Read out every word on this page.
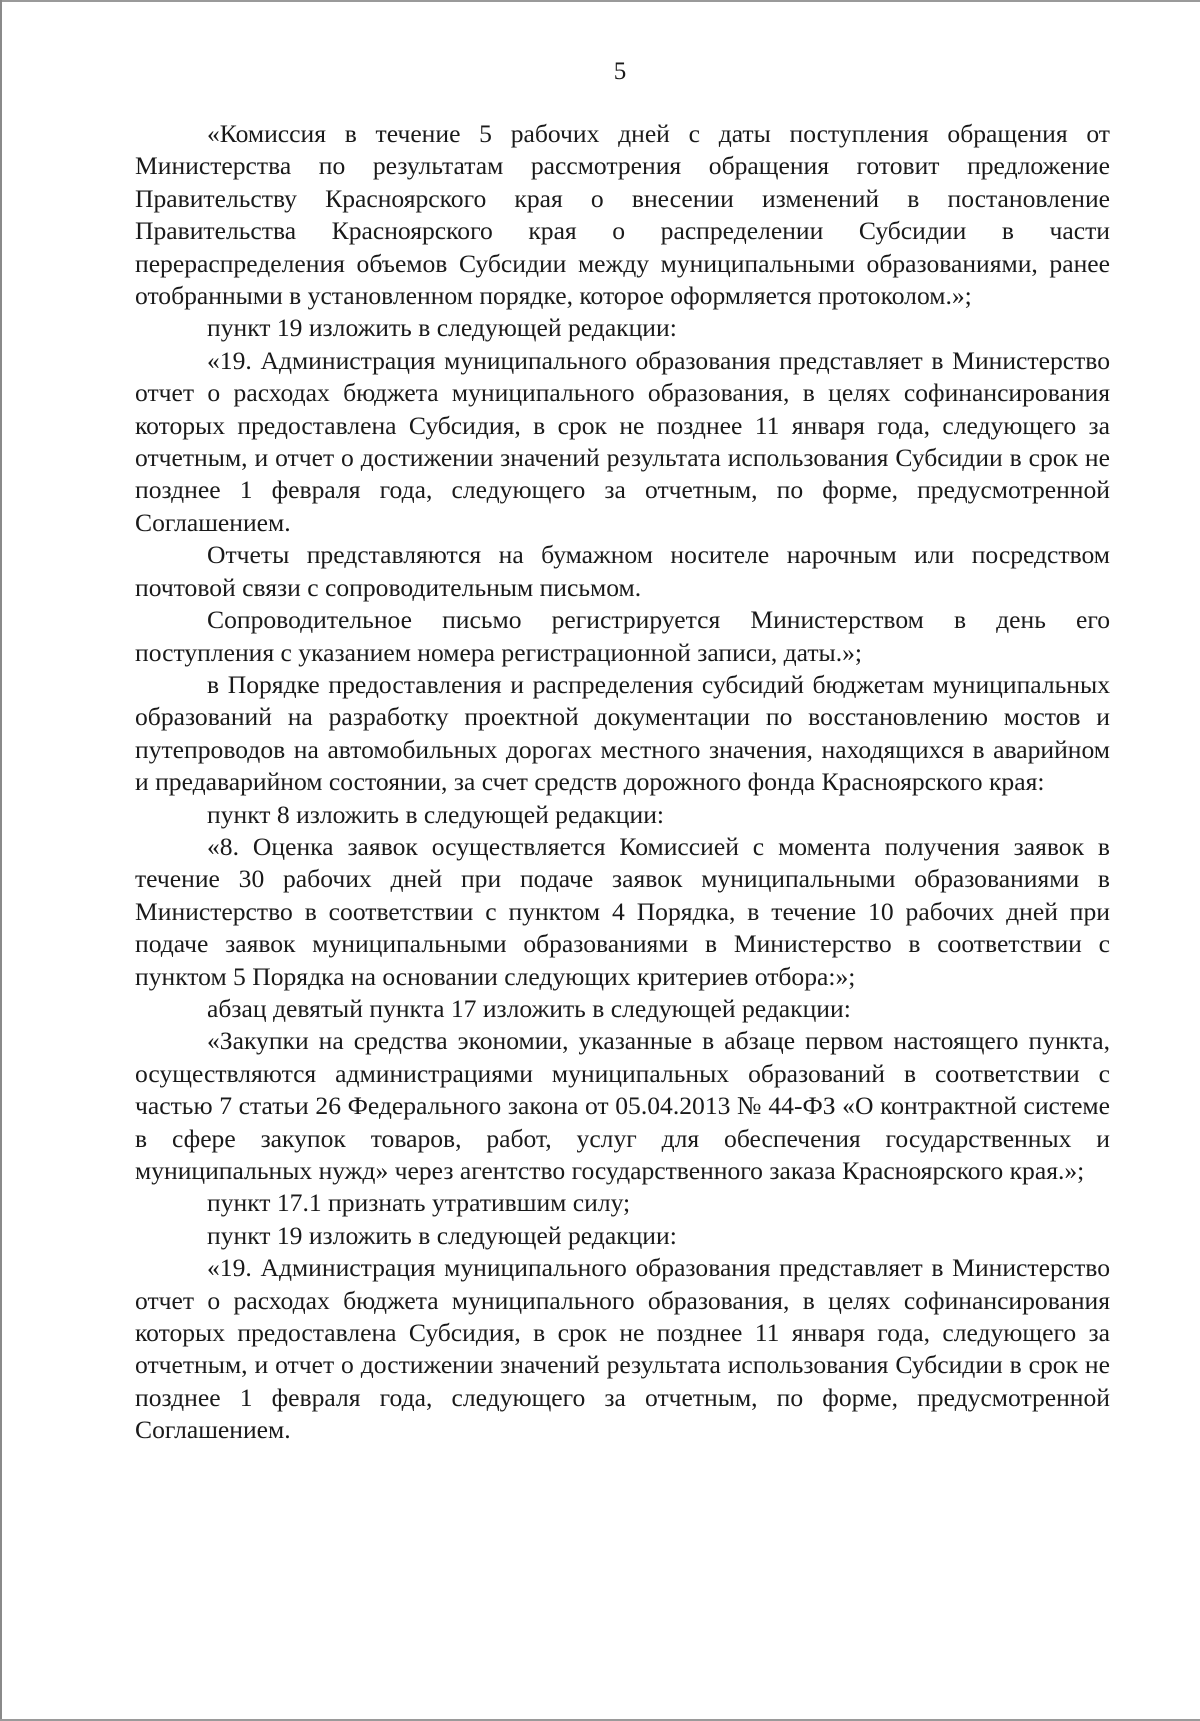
5

«Комиссия в течение 5 рабочих дней с даты поступления обращения от Министерства по результатам рассмотрения обращения готовит предложение Правительству Красноярского края о внесении изменений в постановление Правительства Красноярского края о распределении Субсидии в части перераспределения объемов Субсидии между муниципальными образованиями, ранее отобранными в установленном порядке, которое оформляется протоколом.»;

пункт 19 изложить в следующей редакции:

«19. Администрация муниципального образования представляет в Министерство отчет о расходах бюджета муниципального образования, в целях софинансирования которых предоставлена Субсидия, в срок не позднее 11 января года, следующего за отчетным, и отчет о достижении значений результата использования Субсидии в срок не позднее 1 февраля года, следующего за отчетным, по форме, предусмотренной Соглашением.

Отчеты представляются на бумажном носителе нарочным или посредством почтовой связи с сопроводительным письмом.

Сопроводительное письмо регистрируется Министерством в день его поступления с указанием номера регистрационной записи, даты.»;

в Порядке предоставления и распределения субсидий бюджетам муниципальных образований на разработку проектной документации по восстановлению мостов и путепроводов на автомобильных дорогах местного значения, находящихся в аварийном и предаварийном состоянии, за счет средств дорожного фонда Красноярского края:

пункт 8 изложить в следующей редакции:

«8. Оценка заявок осуществляется Комиссией с момента получения заявок в течение 30 рабочих дней при подаче заявок муниципальными образованиями в Министерство в соответствии с пунктом 4 Порядка, в течение 10 рабочих дней при подаче заявок муниципальными образованиями в Министерство в соответствии с пунктом 5 Порядка на основании следующих критериев отбора:»;

абзац девятый пункта 17 изложить в следующей редакции:

«Закупки на средства экономии, указанные в абзаце первом настоящего пункта, осуществляются администрациями муниципальных образований в соответствии с частью 7 статьи 26 Федерального закона от 05.04.2013 № 44-ФЗ «О контрактной системе в сфере закупок товаров, работ, услуг для обеспечения государственных и муниципальных нужд» через агентство государственного заказа Красноярского края.»;

пункт 17.1 признать утратившим силу;

пункт 19 изложить в следующей редакции:

«19. Администрация муниципального образования представляет в Министерство отчет о расходах бюджета муниципального образования, в целях софинансирования которых предоставлена Субсидия, в срок не позднее 11 января года, следующего за отчетным, и отчет о достижении значений результата использования Субсидии в срок не позднее 1 февраля года, следующего за отчетным, по форме, предусмотренной Соглашением.
